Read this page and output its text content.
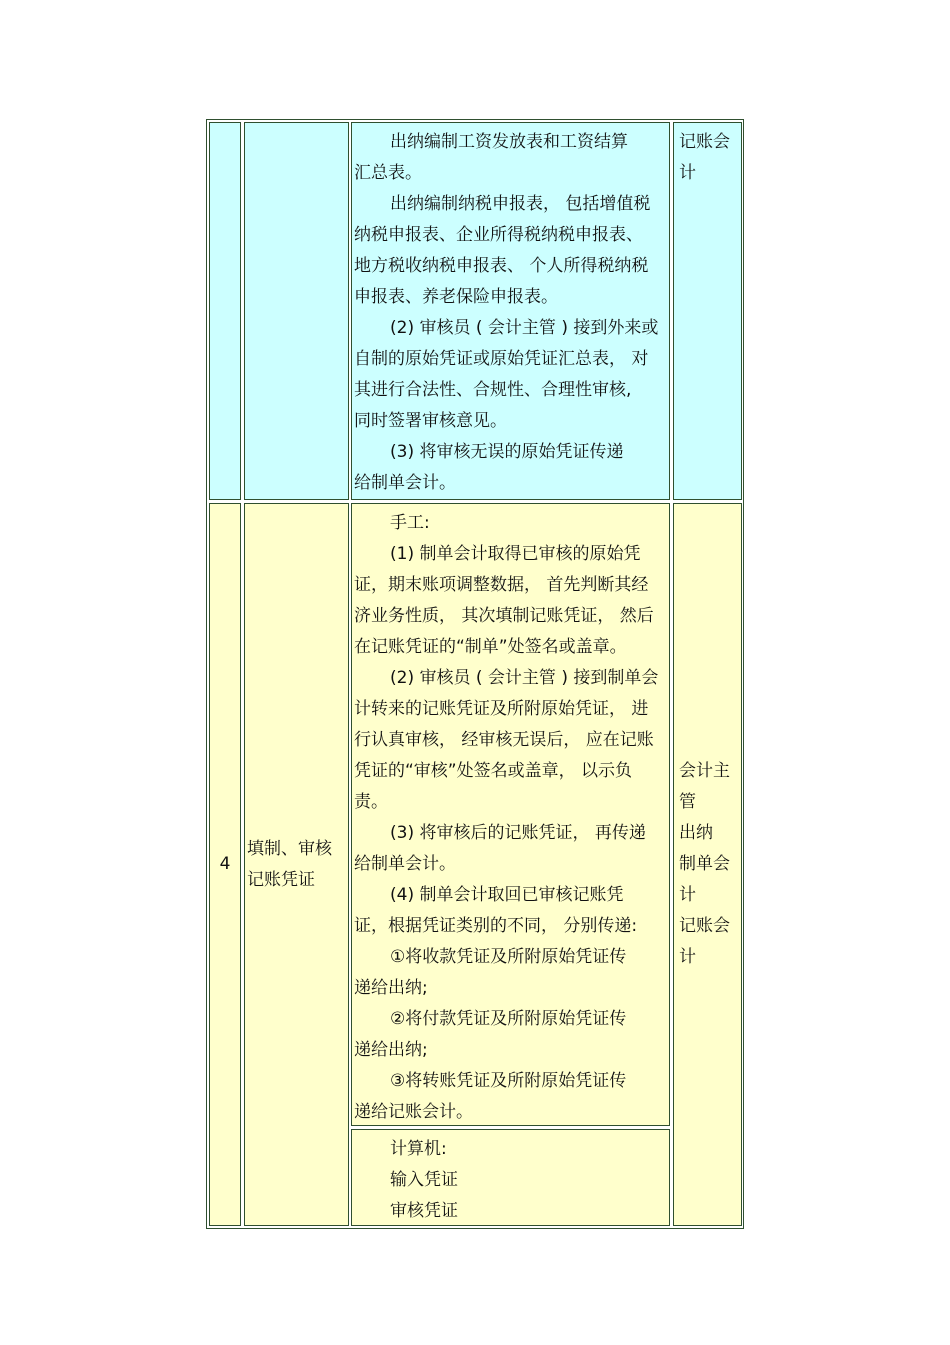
出纳编制工资发放表和工资结算
汇总表。
出纳编制纳税申报表， 包括增值税
纳税申报表、企业所得税纳税申报表、
地方税收纳税申报表、 个人所得税纳税
申报表、养老保险申报表。
(2) 审核员 ( 会计主管 ) 接到外来或
自制的原始凭证或原始凭证汇总表， 对
其进行合法性、合规性、合理性审核,
同时签署审核意见。
(3) 将审核无误的原始凭证传递
给制单会计。
记账会
计
4
填制、审核
记账凭证
手工:
(1) 制单会计取得已审核的原始凭
证，期末账项调整数据， 首先判断其经
济业务性质， 其次填制记账凭证， 然后
在记账凭证的“制单”处签名或盖章。
(2) 审核员 ( 会计主管 ) 接到制单会
计转来的记账凭证及所附原始凭证， 进
行认真审核， 经审核无误后， 应在记账
凭证的“审核”处签名或盖章， 以示负
责。
(3) 将审核后的记账凭证， 再传递
给制单会计。
(4) 制单会计取回已审核记账凭
证，根据凭证类别的不同， 分别传递:
①将收款凭证及所附原始凭证传
递给出纳;
②将付款凭证及所附原始凭证传
递给出纳;
③将转账凭证及所附原始凭证传
递给记账会计。
计算机:
输入凭证
审核凭证
会计主
管
出纳
制单会
计
记账会
计
